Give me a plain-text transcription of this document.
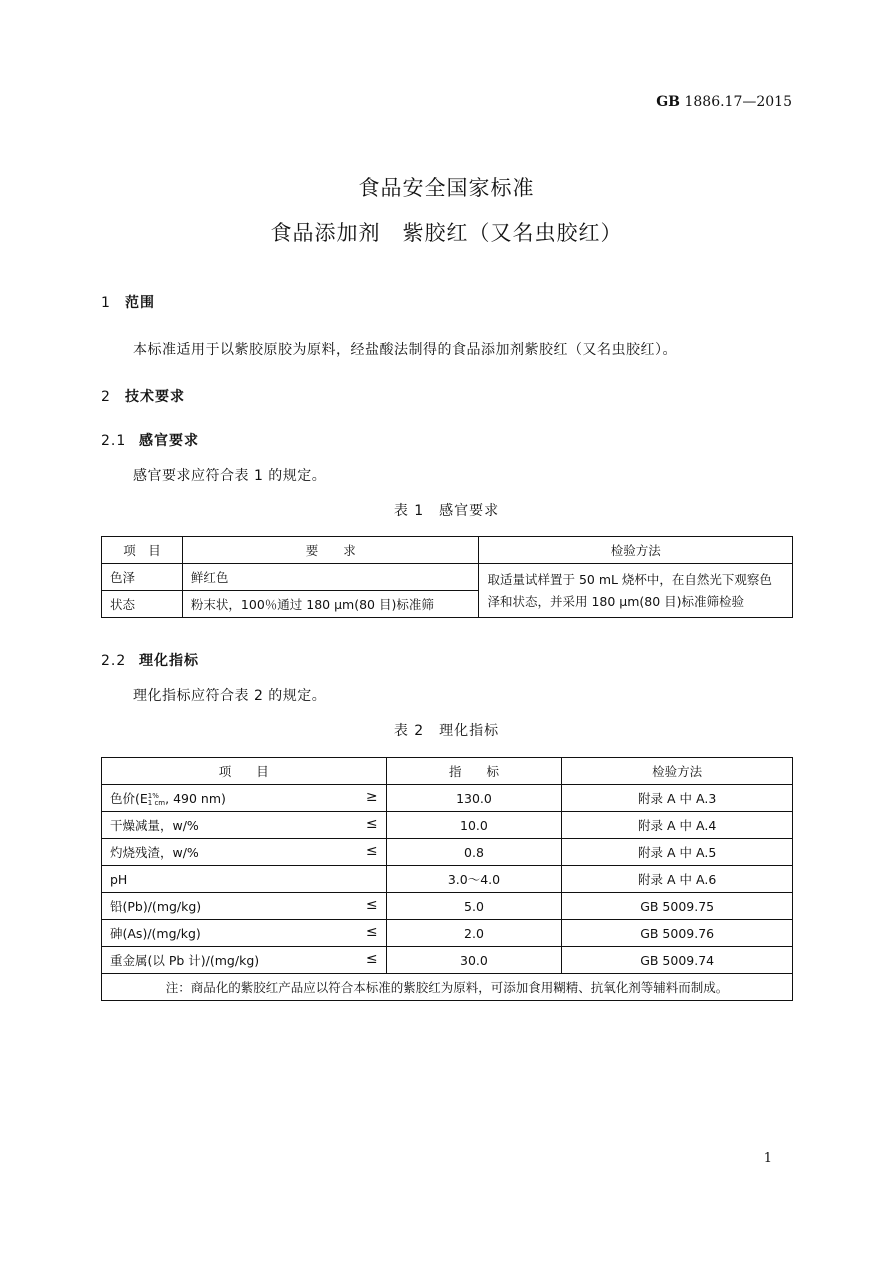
GB 1886.17—2015
食品安全国家标准
食品添加剂　紫胶红（又名虫胶红）
1 范围
本标准适用于以紫胶原胶为原料，经盐酸法制得的食品添加剂紫胶红（又名虫胶红）。
2 技术要求
2.1 感官要求
感官要求应符合表 1 的规定。
表 1　感官要求
项　目	要　　求	检验方法
色泽	鲜红色	取适量试样置于 50 mL 烧杯中，在自然光下观察色泽和状态，并采用 180 μm(80 目)标准筛检验
状态	粉末状，100％通过 180 μm(80 目)标准筛	
2.2 理化指标
理化指标应符合表 2 的规定。
表 2　理化指标
项　　目	指　　标	检验方法
色价(E 1%
1 cm , 490 nm) ≥	130.0	附录 A 中 A.3
干燥减量，w/% ≤	10.0	附录 A 中 A.4
灼烧残渣，w/% ≤	0.8	附录 A 中 A.5
pH	3.0～4.0	附录 A 中 A.6
铅(Pb)/(mg/kg) ≤	5.0	GB 5009.75
砷(As)/(mg/kg) ≤	2.0	GB 5009.76
重金属(以 Pb 计)/(mg/kg) ≤	30.0	GB 5009.74
注：商品化的紫胶红产品应以符合本标准的紫胶红为原料，可添加食用糊精、抗氧化剂等辅料而制成。		
1
